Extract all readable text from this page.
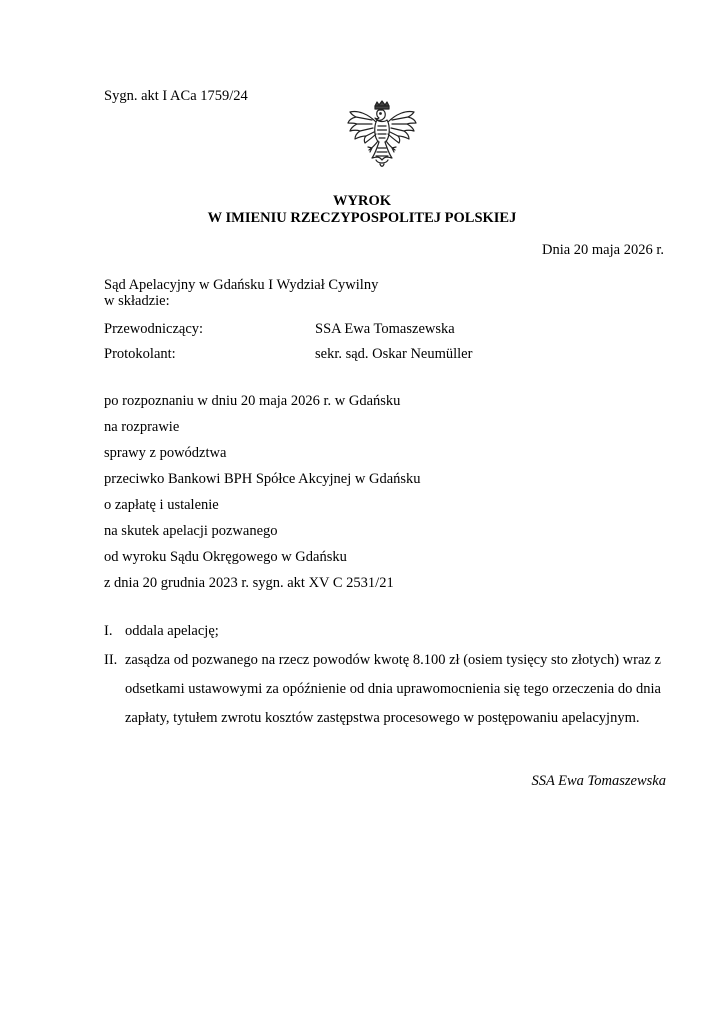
Sygn. akt I ACa 1759/24
WYROK
W IMIENIU RZECZYPOSPOLITEJ POLSKIEJ
Dnia 20 maja 2026 r.
Sąd Apelacyjny w Gdańsku I Wydział Cywilny
w składzie:
Przewodniczący:	SSA Ewa Tomaszewska
Protokolant:	sekr. sąd. Oskar Neumüller
po rozpoznaniu w dniu 20 maja 2026 r. w Gdańsku
na rozprawie
sprawy z powództwa
przeciwko Bankowi BPH Spółce Akcyjnej w Gdańsku
o zapłatę i ustalenie
na skutek apelacji pozwanego
od wyroku Sądu Okręgowego w Gdańsku
z dnia 20 grudnia 2023 r. sygn. akt XV C 2531/21
I. oddala apelację;
II. zasądza od pozwanego na rzecz powodów kwotę 8.100 zł (osiem tysięcy sto złotych) wraz z odsetkami ustawowymi za opóźnienie od dnia uprawomocnienia się tego orzeczenia do dnia zapłaty, tytułem zwrotu kosztów zastępstwa procesowego w postępowaniu apelacyjnym.
SSA Ewa Tomaszewska
